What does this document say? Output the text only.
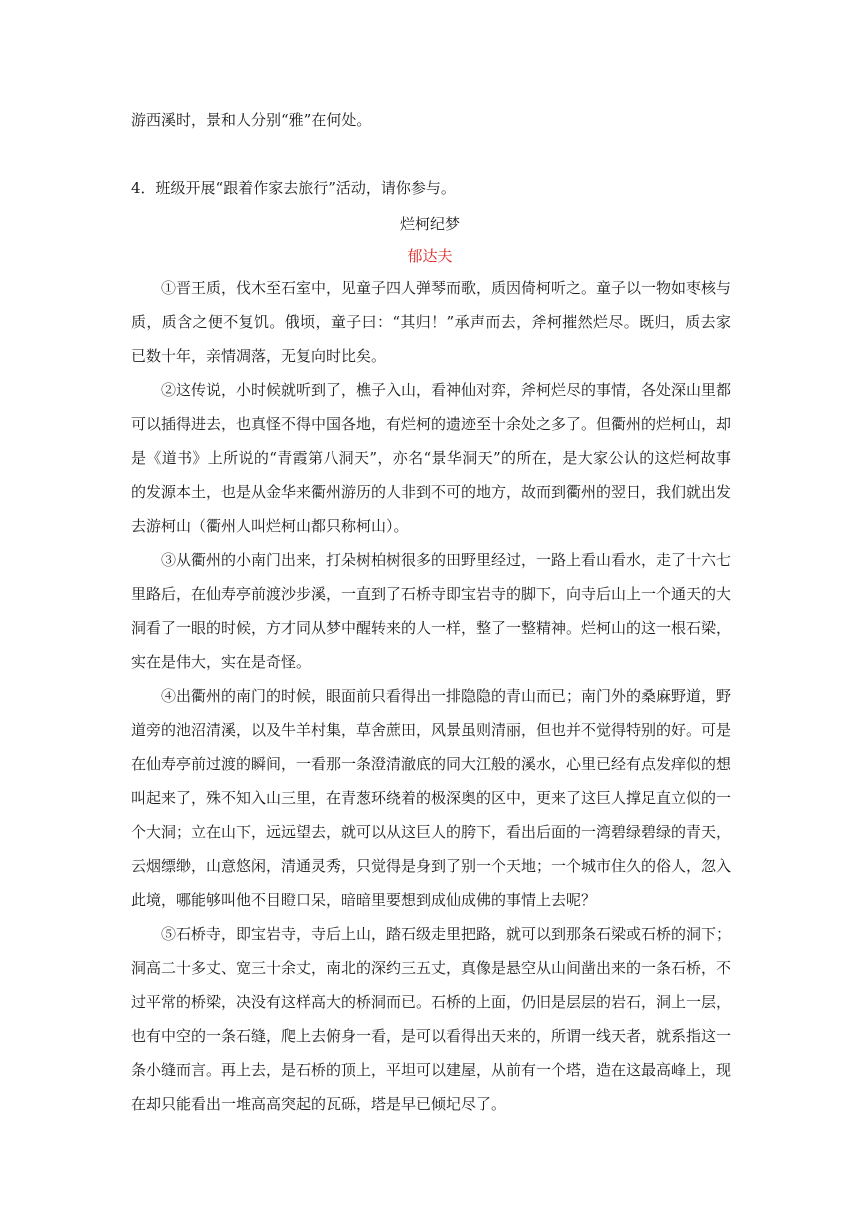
游西溪时，景和人分别“雅”在何处。
4．班级开展“跟着作家去旅行”活动，请你参与。
烂柯纪梦
郁达夫
①晋王质，伐木至石室中，见童子四人弹琴而歌，质因倚柯听之。童子以一物如枣核与质，质含之便不复饥。俄顷，童子曰：“其归！”承声而去，斧柯摧然烂尽。既归，质去家已数十年，亲情凋落，无复向时比矣。
②这传说，小时候就听到了，樵子入山，看神仙对弈，斧柯烂尽的事情，各处深山里都可以插得进去，也真怪不得中国各地，有烂柯的遗迹至十余处之多了。但衢州的烂柯山，却是《道书》上所说的“青霞第八洞天”，亦名“景华洞天”的所在，是大家公认的这烂柯故事的发源本土，也是从金华来衢州游历的人非到不可的地方，故而到衢州的翌日，我们就出发去游柯山（衢州人叫烂柯山都只称柯山）。
③从衢州的小南门出来，打朵树柏树很多的田野里经过，一路上看山看水，走了十六七里路后，在仙寿亭前渡沙步溪，一直到了石桥寺即宝岩寺的脚下，向寺后山上一个通天的大洞看了一眼的时候，方才同从梦中醒转来的人一样，整了一整精神。烂柯山的这一根石梁，实在是伟大，实在是奇怪。
④出衢州的南门的时候，眼面前只看得出一排隐隐的青山而已；南门外的桑麻野道，野道旁的池沼清溪，以及牛羊村集，草舍蔗田，风景虽则清丽，但也并不觉得特别的好。可是在仙寿亭前过渡的瞬间，一看那一条澄清澈底的同大江般的溪水，心里已经有点发痒似的想叫起来了，殊不知入山三里，在青葱环绕着的极深奥的区中，更来了这巨人撑足直立似的一个大洞；立在山下，远远望去，就可以从这巨人的胯下，看出后面的一湾碧绿碧绿的青天，云烟缥缈，山意悠闲，清通灵秀，只觉得是身到了别一个天地；一个城市住久的俗人，忽入此境，哪能够叫他不目瞪口呆，暗暗里要想到成仙成佛的事情上去呢？
⑤石桥寺，即宝岩寺，寺后上山，踏石级走里把路，就可以到那条石梁或石桥的洞下；洞高二十多丈、宽三十余丈，南北的深约三五丈，真像是悬空从山间凿出来的一条石桥，不过平常的桥梁，决没有这样高大的桥洞而已。石桥的上面，仍旧是层层的岩石，洞上一层，也有中空的一条石缝，爬上去俯身一看，是可以看得出天来的，所谓一线天者，就系指这一条小缝而言。再上去，是石桥的顶上，平坦可以建屋，从前有一个塔，造在这最高峰上，现在却只能看出一堆高高突起的瓦砾，塔是早已倾圮尽了。
